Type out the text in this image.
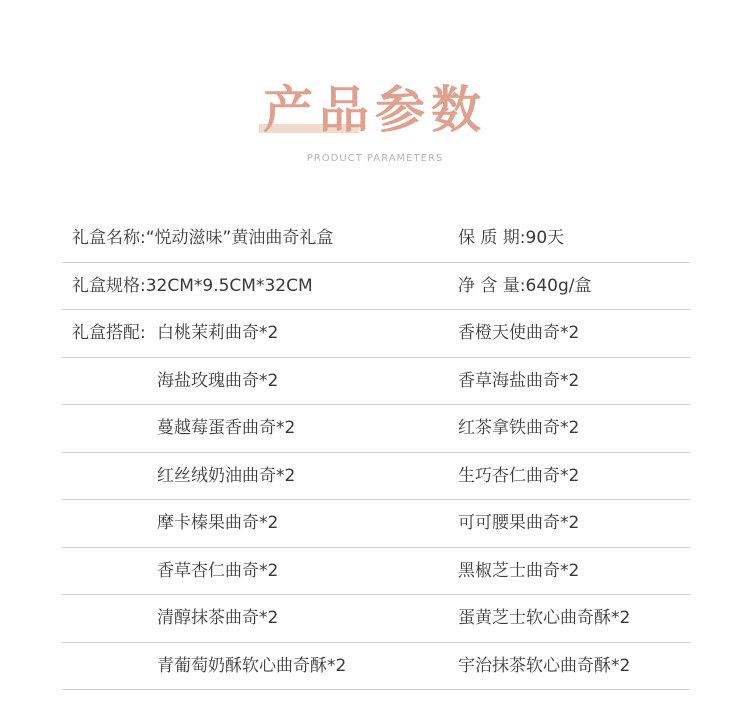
产品参数
PRODUCT PARAMETERS
礼盒名称:“悦动滋味”黄油曲奇礼盒	保 质 期:90天
礼盒规格:32CM*9.5CM*32CM	净 含 量:640g/盒
礼盒搭配: 白桃茉莉曲奇*2	香橙天使曲奇*2
海盐玫瑰曲奇*2	香草海盐曲奇*2
蔓越莓蛋香曲奇*2	红茶拿铁曲奇*2
红丝绒奶油曲奇*2	生巧杏仁曲奇*2
摩卡榛果曲奇*2	可可腰果曲奇*2
香草杏仁曲奇*2	黑椒芝士曲奇*2
清醇抹茶曲奇*2	蛋黄芝士软心曲奇酥*2
青葡萄奶酥软心曲奇酥*2	宇治抹茶软心曲奇酥*2
